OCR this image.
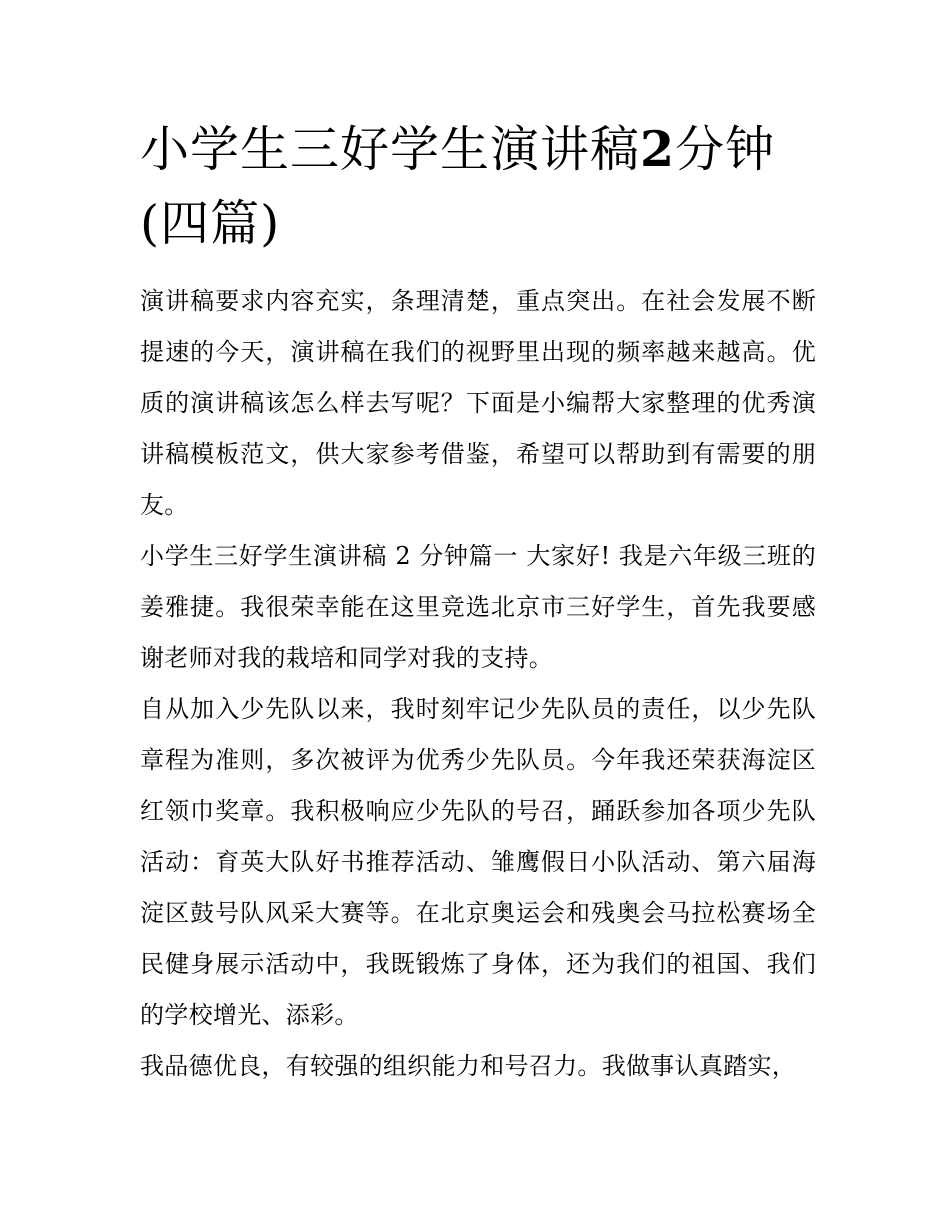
小学生三好学生演讲稿2分钟
(四篇)

演讲稿要求内容充实，条理清楚，重点突出。在社会发展不断提速的今天，演讲稿在我们的视野里出现的频率越来越高。优质的演讲稿该怎么样去写呢？下面是小编帮大家整理的优秀演讲稿模板范文，供大家参考借鉴，希望可以帮助到有需要的朋友。

小学生三好学生演讲稿 2 分钟篇一 大家好! 我是六年级三班的姜雅捷。我很荣幸能在这里竞选北京市三好学生，首先我要感谢老师对我的栽培和同学对我的支持。

自从加入少先队以来，我时刻牢记少先队员的责任，以少先队章程为准则，多次被评为优秀少先队员。今年我还荣获海淀区红领巾奖章。我积极响应少先队的号召，踊跃参加各项少先队活动：育英大队好书推荐活动、雏鹰假日小队活动、第六届海淀区鼓号队风采大赛等。在北京奥运会和残奥会马拉松赛场全民健身展示活动中，我既锻炼了身体，还为我们的祖国、我们的学校增光、添彩。

我品德优良，有较强的组织能力和号召力。我做事认真踏实，
